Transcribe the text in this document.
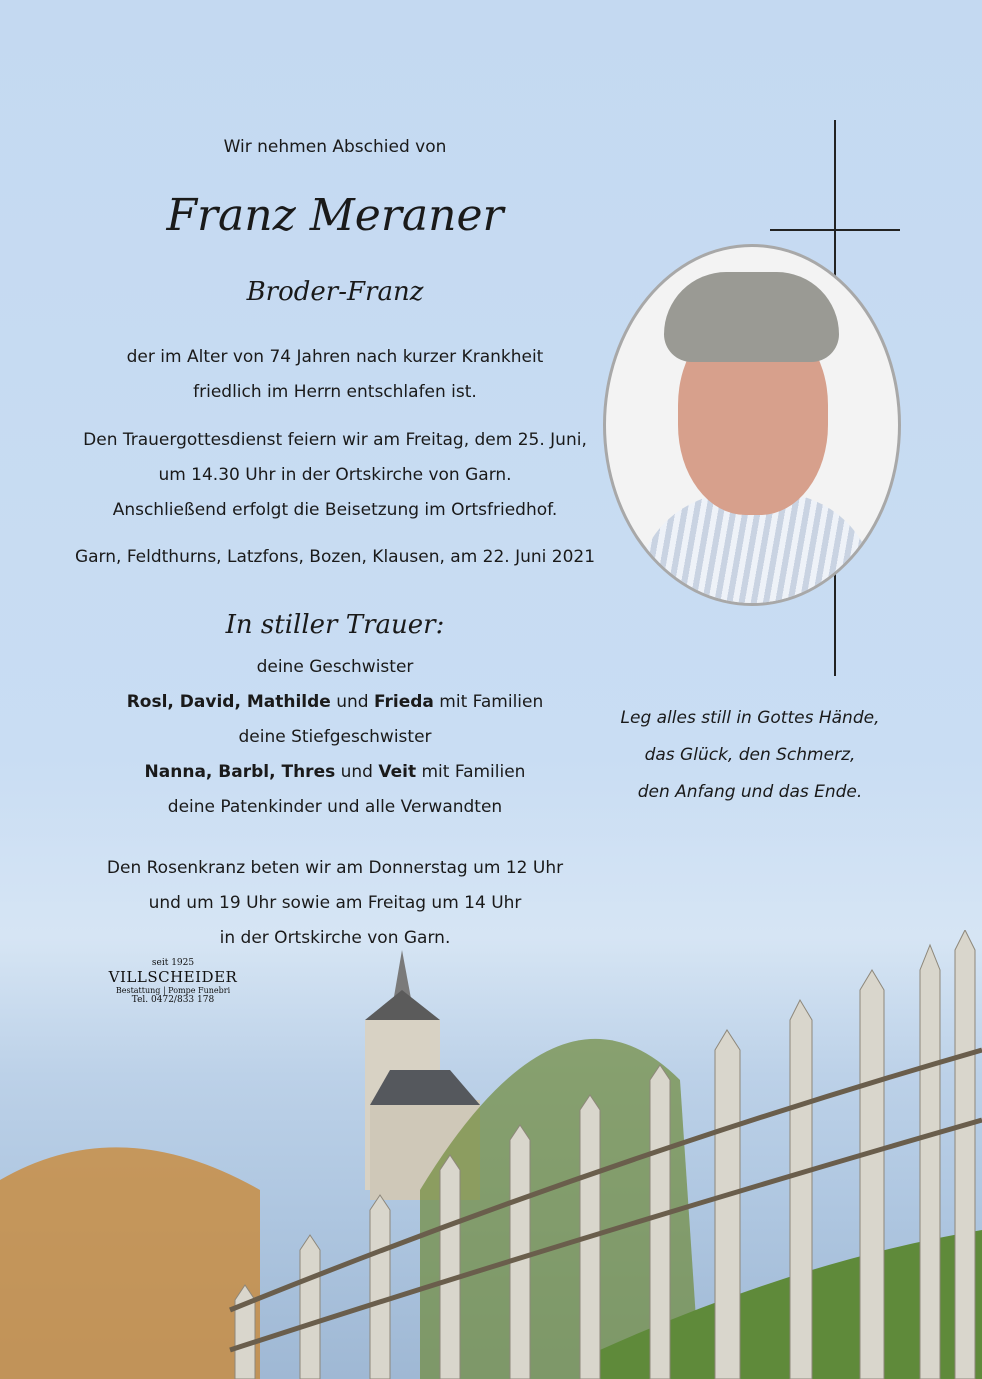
Wir nehmen Abschied von
Franz Meraner
Broder-Franz
der im Alter von 74 Jahren nach kurzer Krankheit
friedlich im Herrn entschlafen ist.
Den Trauergottesdienst feiern wir am Freitag, dem 25. Juni,
um 14.30 Uhr in der Ortskirche von Garn.
Anschließend erfolgt die Beisetzung im Ortsfriedhof.
Garn, Feldthurns, Latzfons, Bozen, Klausen, am 22. Juni 2021
In stiller Trauer:
deine Geschwister
Rosl, David, Mathilde und Frieda mit Familien
deine Stiefgeschwister
Nanna, Barbl, Thres und Veit mit Familien
deine Patenkinder und alle Verwandten
Den Rosenkranz beten wir am Donnerstag um 12 Uhr
und um 19 Uhr sowie am Freitag um 14 Uhr
in der Ortskirche von Garn.
Leg alles still in Gottes Hände,
das Glück, den Schmerz,
den Anfang und das Ende.
seit 1925
VILLSCHEIDER
Bestattung | Pompe Funebri
Tel. 0472/833 178
